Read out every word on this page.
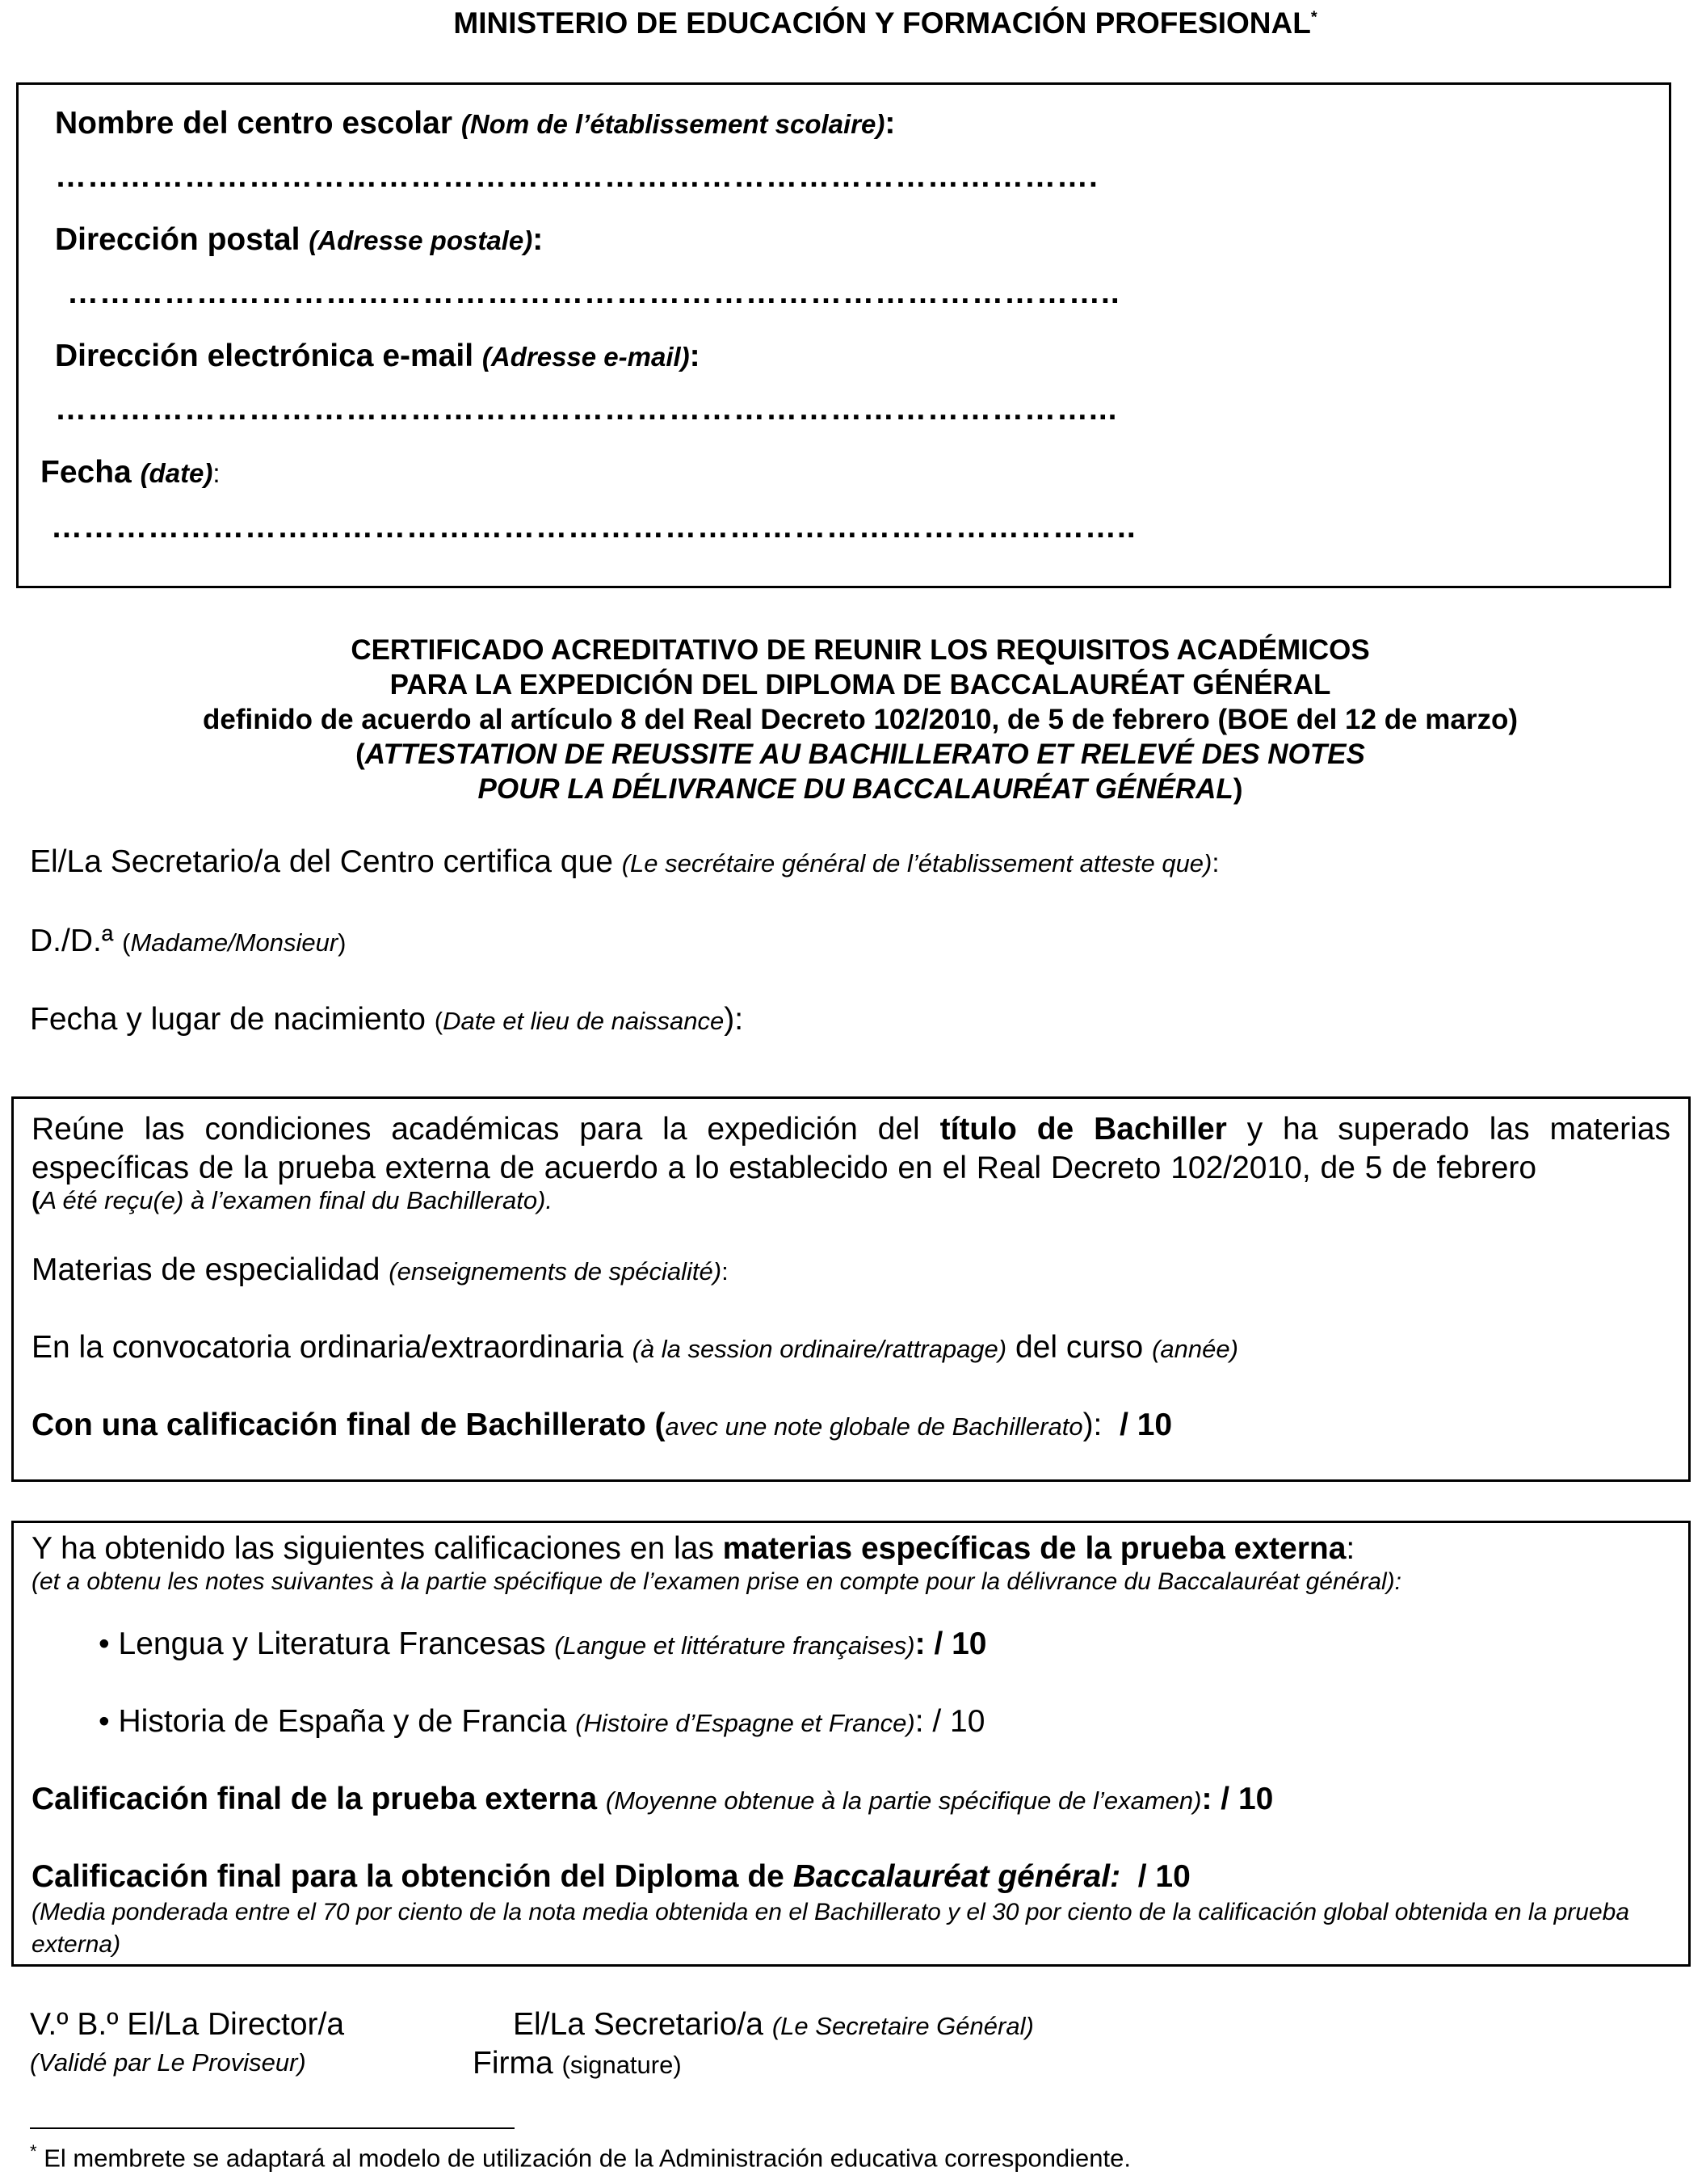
MINISTERIO DE EDUCACIÓN Y FORMACIÓN PROFESIONAL*
Nombre del centro escolar (Nom de l’établissement scolaire):
…………………………………………………………………………………….
Dirección postal (Adresse postale):
……………………………………………………………………………………..
Dirección electrónica e-mail (Adresse e-mail):
……………………………………………………………………………………...
Fecha (date):
………………………………………………………………………………………..
CERTIFICADO ACREDITATIVO DE REUNIR LOS REQUISITOS ACADÉMICOS
PARA LA EXPEDICIÓN DEL DIPLOMA DE BACCALAURÉAT GÉNÉRAL
definido de acuerdo al artículo 8 del Real Decreto 102/2010, de 5 de febrero (BOE del 12 de marzo)
(ATTESTATION DE REUSSITE AU BACHILLERATO ET RELEVÉ DES NOTES
POUR LA DÉLIVRANCE DU BACCALAURÉAT GÉNÉRAL)
El/La Secretario/a del Centro certifica que (Le secrétaire général de l’établissement atteste que):
D./D.ª (Madame/Monsieur)
Fecha y lugar de nacimiento (Date et lieu de naissance):
Reúne las condiciones académicas para la expedición del título de Bachiller y ha superado las materias
específicas de la prueba externa de acuerdo a lo establecido en el Real Decreto 102/2010, de 5 de febrero
(A été reçu(e) à l’examen final du Bachillerato).
Materias de especialidad (enseignements de spécialité):
En la convocatoria ordinaria/extraordinaria (à la session ordinaire/rattrapage) del curso (année)
Con una calificación final de Bachillerato (avec une note globale de Bachillerato): / 10
Y ha obtenido las siguientes calificaciones en las materias específicas de la prueba externa:
(et a obtenu les notes suivantes à la partie spécifique de l’examen prise en compte pour la délivrance du Baccalauréat général):
• Lengua y Literatura Francesas (Langue et littérature françaises): / 10
• Historia de España y de Francia (Histoire d’Espagne et France): / 10
Calificación final de la prueba externa (Moyenne obtenue à la partie spécifique de l’examen): / 10
Calificación final para la obtención del Diploma de Baccalauréat général: / 10
(Media ponderada entre el 70 por ciento de la nota media obtenida en el Bachillerato y el 30 por ciento de la calificación global obtenida en la prueba externa)
V.º B.º El/La Director/a
(Validé par Le Proviseur)
El/La Secretario/a (Le Secretaire Général)
Firma (signature)
* El membrete se adaptará al modelo de utilización de la Administración educativa correspondiente.
